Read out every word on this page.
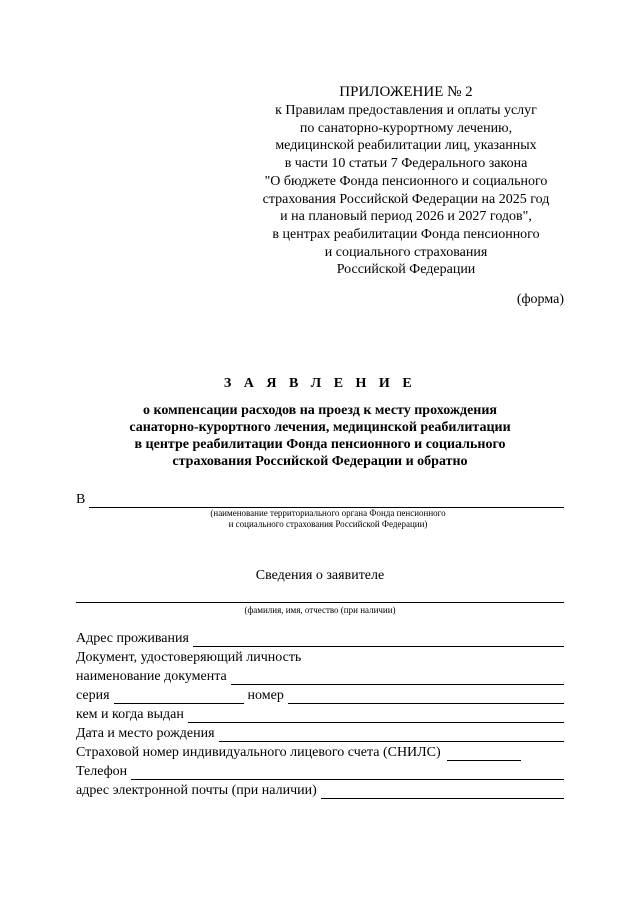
ПРИЛОЖЕНИЕ № 2
к Правилам предоставления и оплаты услуг
по санаторно-курортному лечению,
медицинской реабилитации лиц, указанных
в части 10 статьи 7 Федерального закона
"О бюджете Фонда пенсионного и социального
страхования Российской Федерации на 2025 год
и на плановый период 2026 и 2027 годов",
в центрах реабилитации Фонда пенсионного
и социального страхования
Российской Федерации
(форма)
З А Я В Л Е Н И Е
о компенсации расходов на проезд к месту прохождения
санаторно-курортного лечения, медицинской реабилитации
в центре реабилитации Фонда пенсионного и социального
страхования Российской Федерации и обратно
В
(наименование территориального органа Фонда пенсионного
и социального страхования Российской Федерации)
Сведения о заявителе
(фамилия, имя, отчество (при наличии)
Адрес проживания
Документ, удостоверяющий личность
наименование документа
серия	номер
кем и когда выдан
Дата и место рождения
Страховой номер индивидуального лицевого счета (СНИЛС)
Телефон
адрес электронной почты (при наличии)
